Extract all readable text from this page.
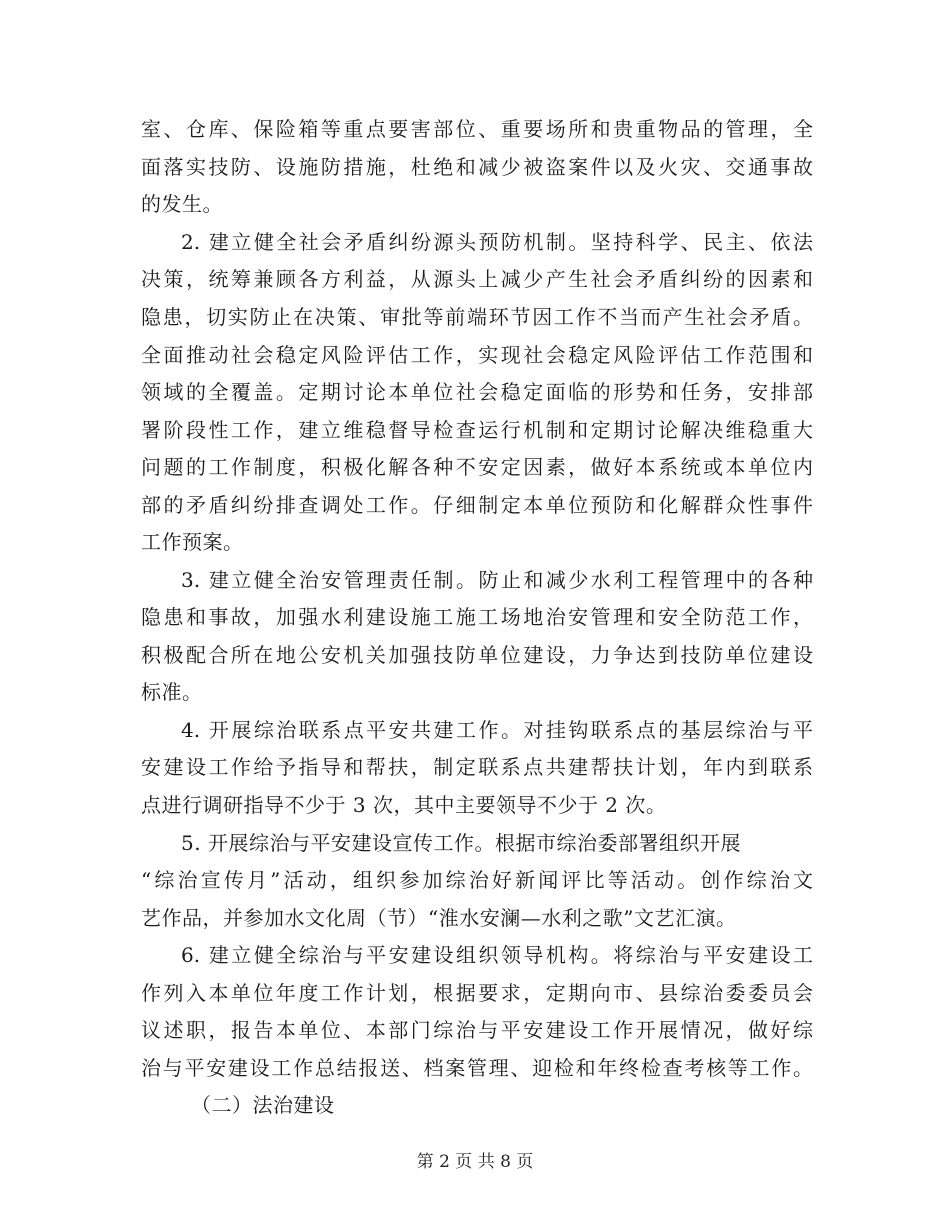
室、仓库、保险箱等重点要害部位、重要场所和贵重物品的管理，全
面落实技防、设施防措施，杜绝和减少被盗案件以及火灾、交通事故
的发生。
2. 建立健全社会矛盾纠纷源头预防机制。坚持科学、民主、依法
决策，统筹兼顾各方利益，从源头上减少产生社会矛盾纠纷的因素和
隐患，切实防止在决策、审批等前端环节因工作不当而产生社会矛盾。
全面推动社会稳定风险评估工作，实现社会稳定风险评估工作范围和
领域的全覆盖。定期讨论本单位社会稳定面临的形势和任务，安排部
署阶段性工作，建立维稳督导检查运行机制和定期讨论解决维稳重大
问题的工作制度，积极化解各种不安定因素，做好本系统或本单位内
部的矛盾纠纷排查调处工作。仔细制定本单位预防和化解群众性事件
工作预案。
3. 建立健全治安管理责任制。防止和减少水利工程管理中的各种
隐患和事故，加强水利建设施工施工场地治安管理和安全防范工作，
积极配合所在地公安机关加强技防单位建设，力争达到技防单位建设
标准。
4. 开展综治联系点平安共建工作。对挂钩联系点的基层综治与平
安建设工作给予指导和帮扶，制定联系点共建帮扶计划，年内到联系
点进行调研指导不少于 3 次，其中主要领导不少于 2 次。
5. 开展综治与平安建设宣传工作。根据市综治委部署组织开展
“综治宣传月”活动，组织参加综治好新闻评比等活动。创作综治文
艺作品，并参加水文化周（节）“淮水安澜—水利之歌”文艺汇演。
6. 建立健全综治与平安建设组织领导机构。将综治与平安建设工
作列入本单位年度工作计划，根据要求，定期向市、县综治委委员会
议述职，报告本单位、本部门综治与平安建设工作开展情况，做好综
治与平安建设工作总结报送、档案管理、迎检和年终检查考核等工作。
（二）法治建设
第 2 页 共 8 页
